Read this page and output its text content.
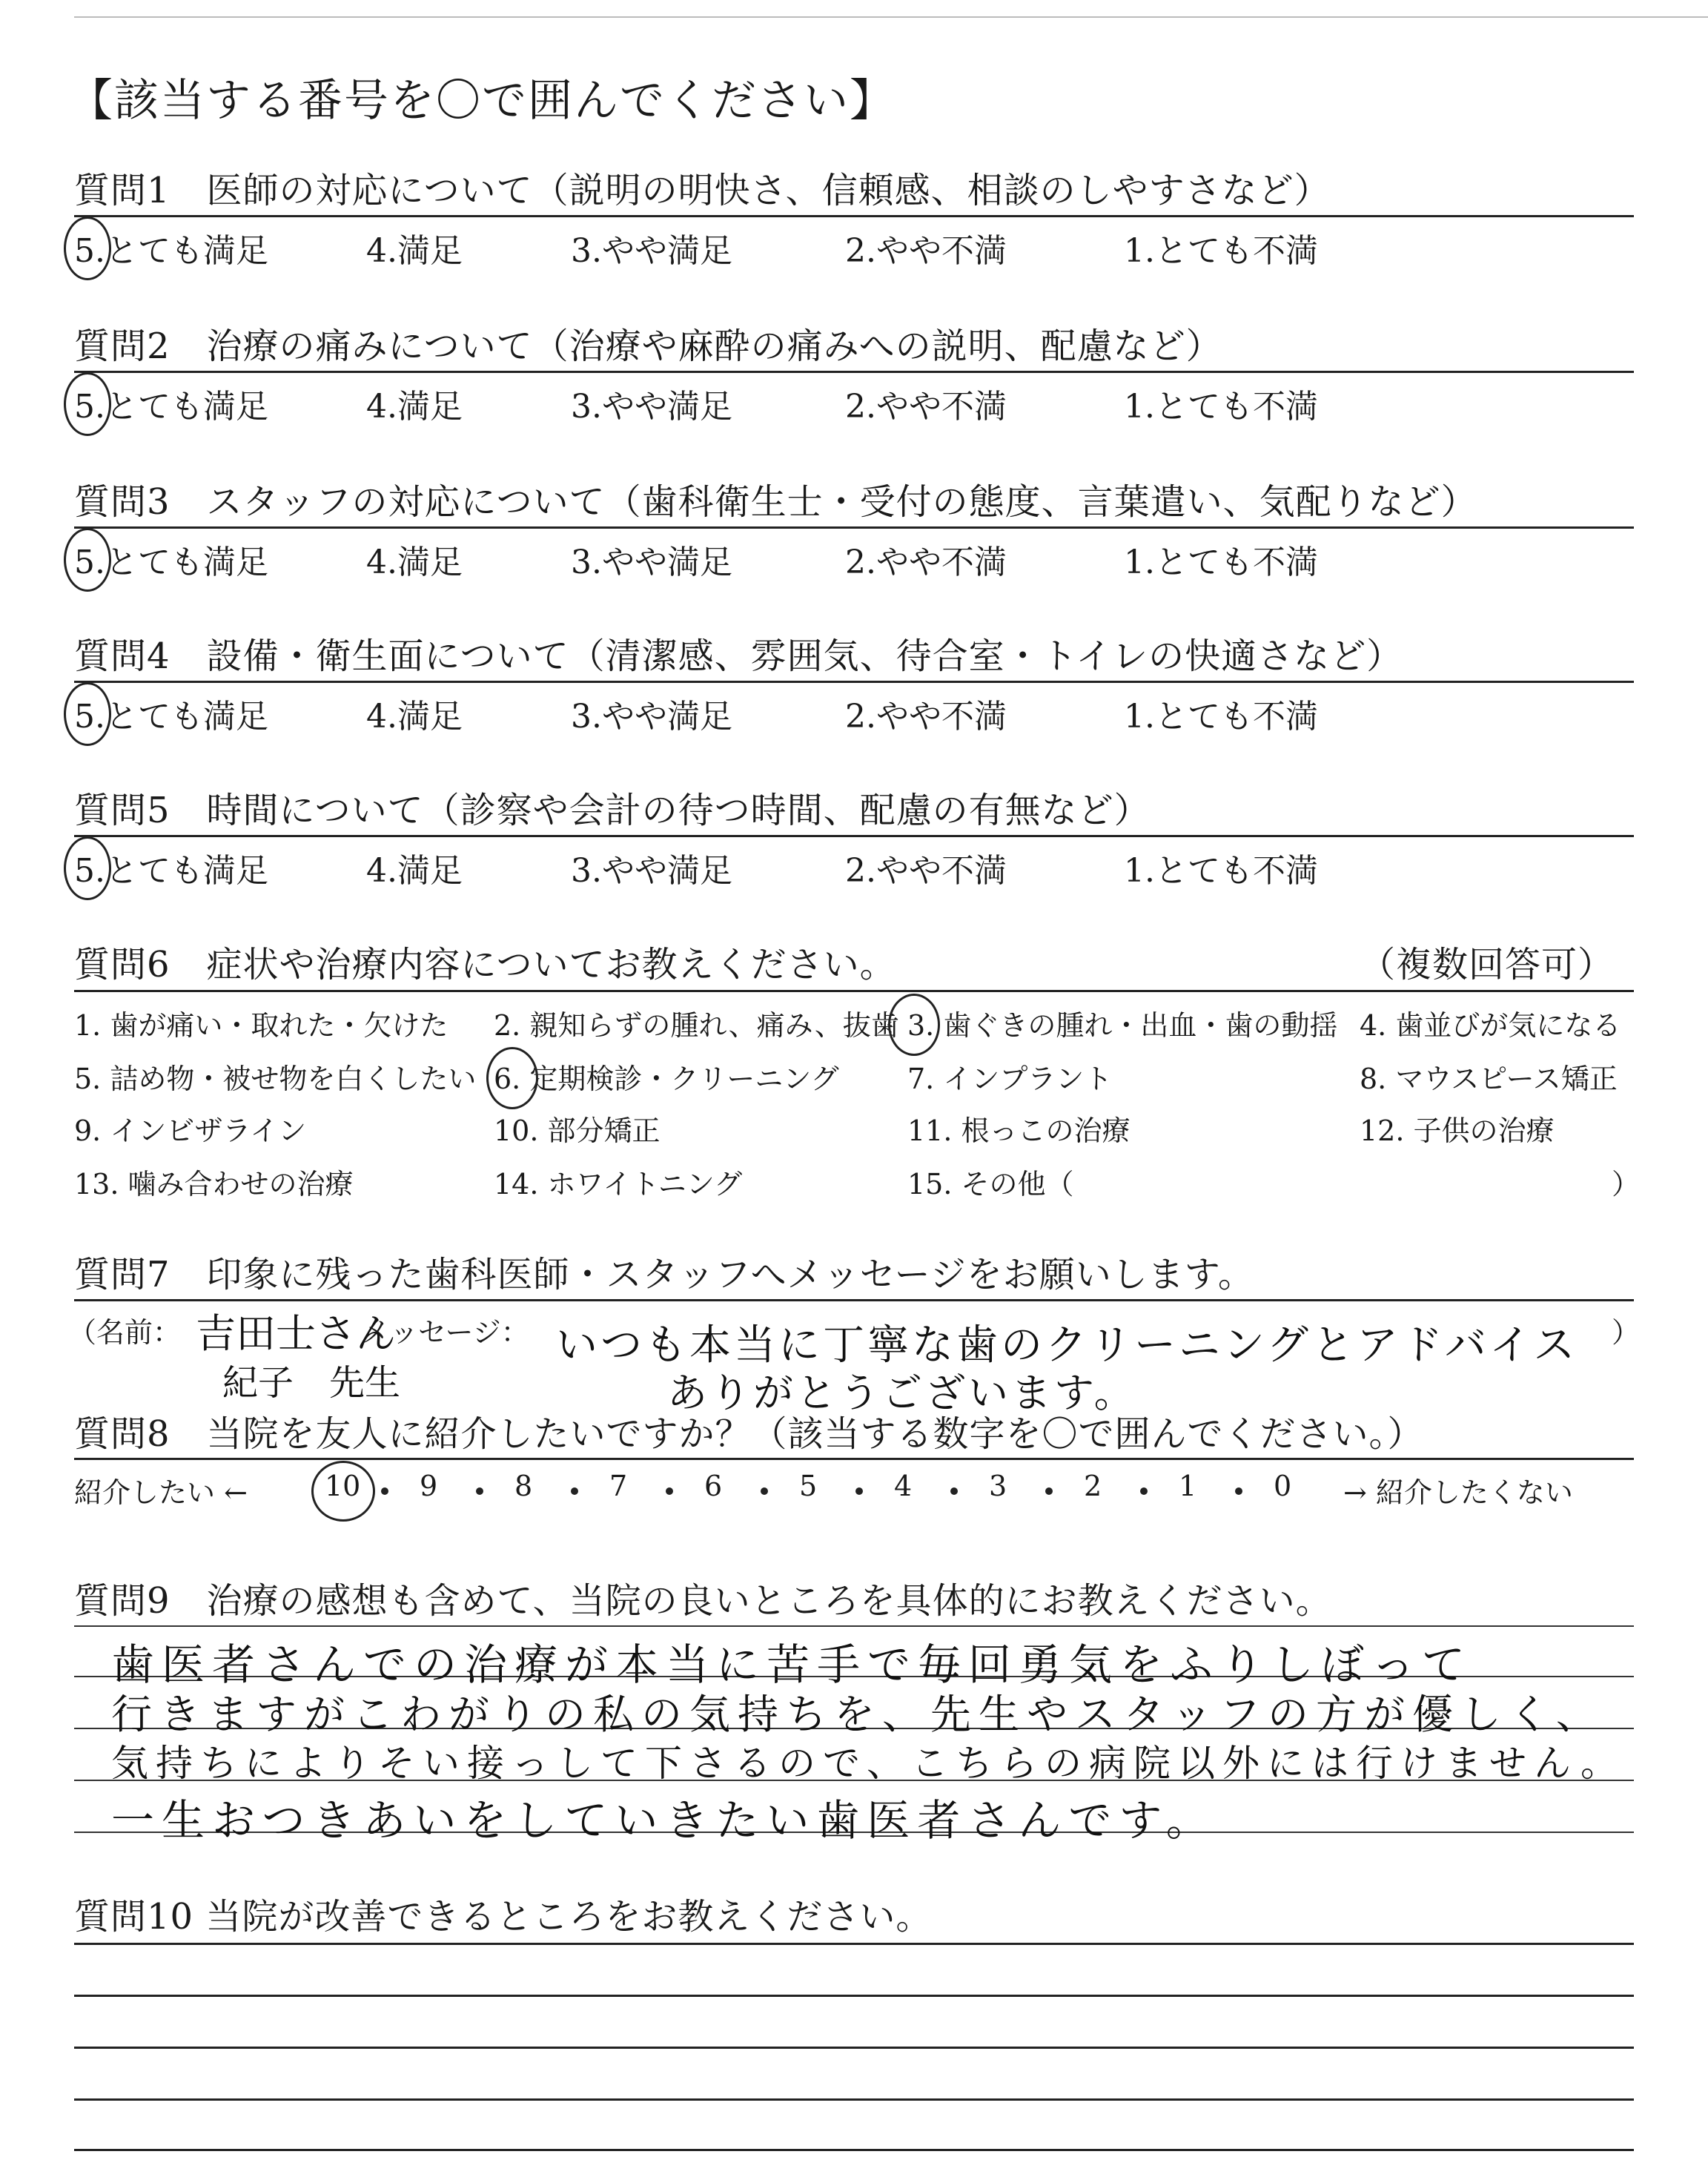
【該当する番号を〇で囲んでください】
質問1　医師の対応について（説明の明快さ、信頼感、相談のしやすさなど）
5.とても満足	4.満足	3.やや満足	2.やや不満	1.とても不満
質問2　治療の痛みについて（治療や麻酔の痛みへの説明、配慮など）
5.とても満足	4.満足	3.やや満足	2.やや不満	1.とても不満
質問3　スタッフの対応について（歯科衛生士・受付の態度、言葉遣い、気配りなど）
5.とても満足	4.満足	3.やや満足	2.やや不満	1.とても不満
質問4　設備・衛生面について（清潔感、雰囲気、待合室・トイレの快適さなど）
5.とても満足	4.満足	3.やや満足	2.やや不満	1.とても不満
質問5　時間について（診察や会計の待つ時間、配慮の有無など）
5.とても満足	4.満足	3.やや満足	2.やや不満	1.とても不満
質問6　症状や治療内容についてお教えください。	（複数回答可）
1. 歯が痛い・取れた・欠けた 2. 親知らずの腫れ、痛み、抜歯 3. 歯ぐきの腫れ・出血・歯の動揺 4. 歯並びが気になる
5. 詰め物・被せ物を白くしたい 6. 定期検診・クリーニング 7. インプラント	8. マウスピース矯正
9. インビザライン	10. 部分矯正	11. 根っこの治療	12. 子供の治療
13. 噛み合わせの治療	14. ホワイトニング	15. その他（	）
質問7　印象に残った歯科医師・スタッフへメッセージをお願いします。
（名前：	メッセージ：	）
吉田士さん
紀子　先生
いつも本当に丁寧な歯のクリーニングとアドバイス
ありがとうございます。
質問8　当院を友人に紹介したいですか？（該当する数字を〇で囲んでください。）
紹介したい ←	10 9	8	7	6	5	4	3	2	1	0 → 紹介したくない
質問9　治療の感想も含めて、当院の良いところを具体的にお教えください。
歯医者さんでの治療が本当に苦手で毎回勇気をふりしぼって
行きますがこわがりの私の気持ちを、先生やスタッフの方が優しく、
気持ちによりそい接っして下さるので、こちらの病院以外には行けません。
一生おつきあいをしていきたい歯医者さんです。
質問10 当院が改善できるところをお教えください。
